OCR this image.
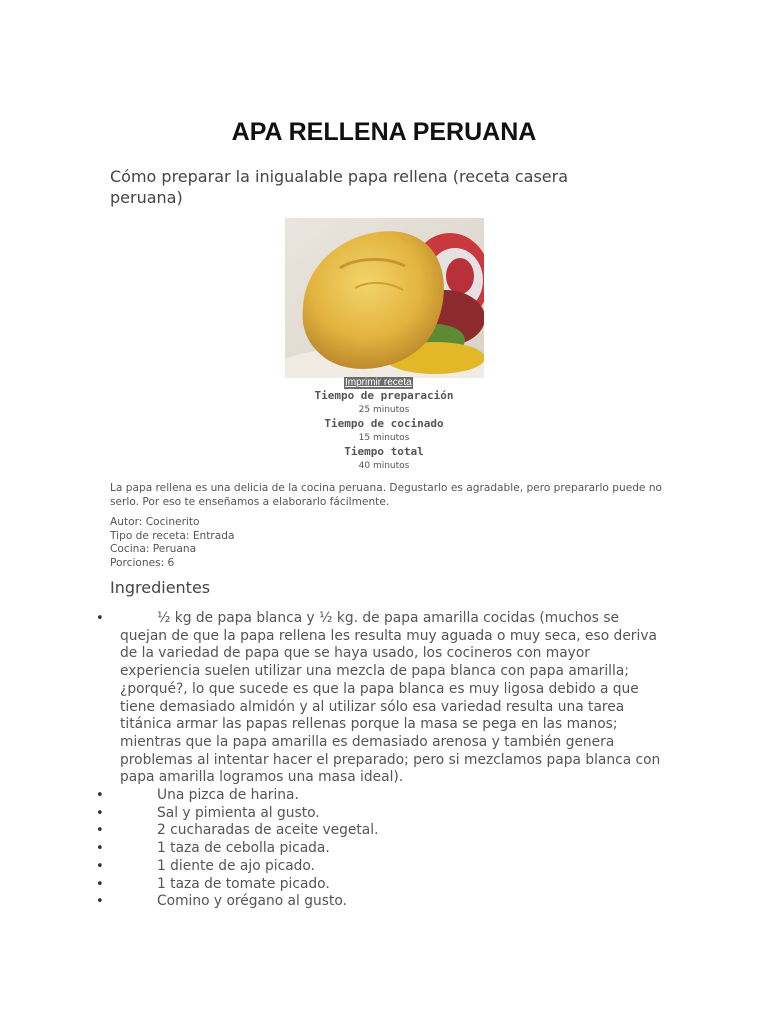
APA RELLENA PERUANA

Cómo preparar la inigualable papa rellena (receta casera peruana)

Imprimir receta
Tiempo de preparación
25 minutos
Tiempo de cocinado
15 minutos
Tiempo total
40 minutos

La papa rellena es una delicia de la cocina peruana. Degustarlo es agradable, pero prepararlo puede no serlo. Por eso te enseñamos a elaborarlo fácilmente.

Autor: Cocinerito
Tipo de receta: Entrada
Cocina: Peruana
Porciones: 6
Ingredientes
•	½ kg de papa blanca y ½ kg. de papa amarilla cocidas (muchos se quejan de que la papa rellena les resulta muy aguada o muy seca, eso deriva de la variedad de papa que se haya usado, los cocineros con mayor experiencia suelen utilizar una mezcla de papa blanca con papa amarilla; ¿porqué?, lo que sucede es que la papa blanca es muy ligosa debido a que tiene demasiado almidón y al utilizar sólo esa variedad resulta una tarea titánica armar las papas rellenas porque la masa se pega en las manos; mientras que la papa amarilla es demasiado arenosa y también genera problemas al intentar hacer el preparado; pero si mezclamos papa blanca con papa amarilla logramos una masa ideal).
•	Una pizca de harina.
•	Sal y pimienta al gusto.
•	2 cucharadas de aceite vegetal.
•	1 taza de cebolla picada.
•	1 diente de ajo picado.
•	1 taza de tomate picado.
•	Comino y orégano al gusto.
